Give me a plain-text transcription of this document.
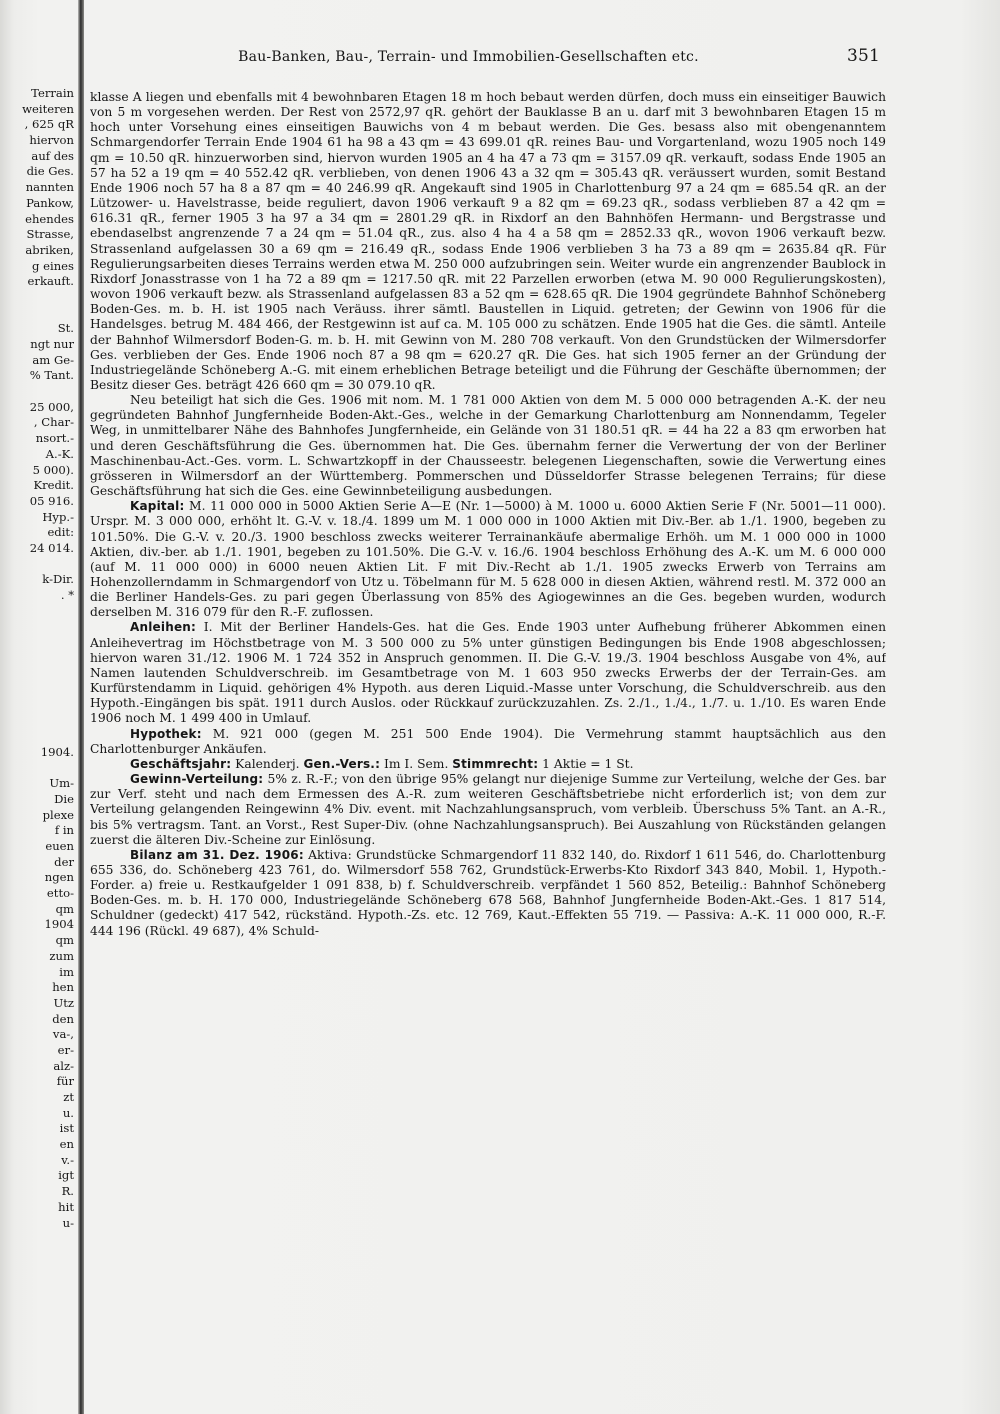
Terrain
weiteren
, 625 qR
hiervon
auf des
die Ges.
nannten
Pankow,
ehendes
Strasse,
abriken,
g eines
erkauft.
St.
ngt nur
am Ge-
% Tant.
25 000,
, Char-
nsort.-
A.-K.
5 000).
Kredit.
05 916.
Hyp.-
edit:
24 014.
k-Dir.
. *
1904.
Um-
Die
plexe
f in
euen
der
ngen
etto-
qm
1904
qm
zum
im
hen
Utz
den
va-,
er-
alz-
für
zt
u.
ist
en
v.-
igt
R.
hit
u-
Bau-Banken, Bau-, Terrain- und Immobilien-Gesellschaften etc.	351

klasse A liegen und ebenfalls mit 4 bewohnbaren Etagen 18 m hoch bebaut werden dürfen, doch muss ein einseitiger Bauwich von 5 m vorgesehen werden. Der Rest von 2572,97 qR. gehört der Bauklasse B an u. darf mit 3 bewohnbaren Etagen 15 m hoch unter Vorsehung eines einseitigen Bauwichs von 4 m bebaut werden. Die Ges. besass also mit obengenanntem Schmargendorfer Terrain Ende 1904 61 ha 98 a 43 qm = 43 699.01 qR. reines Bau- und Vorgartenland, wozu 1905 noch 149 qm = 10.50 qR. hinzuerworben sind, hiervon wurden 1905 an 4 ha 47 a 73 qm = 3157.09 qR. verkauft, sodass Ende 1905 an 57 ha 52 a 19 qm = 40 552.42 qR. verblieben, von denen 1906 43 a 32 qm = 305.43 qR. veräussert wurden, somit Bestand Ende 1906 noch 57 ha 8 a 87 qm = 40 246.99 qR. Angekauft sind 1905 in Charlottenburg 97 a 24 qm = 685.54 qR. an der Lützower- u. Havelstrasse, beide reguliert, davon 1906 verkauft 9 a 82 qm = 69.23 qR., sodass verblieben 87 a 42 qm = 616.31 qR., ferner 1905 3 ha 97 a 34 qm = 2801.29 qR. in Rixdorf an den Bahnhöfen Hermann- und Bergstrasse und ebendaselbst angrenzende 7 a 24 qm = 51.04 qR., zus. also 4 ha 4 a 58 qm = 2852.33 qR., wovon 1906 verkauft bezw. Strassenland aufgelassen 30 a 69 qm = 216.49 qR., sodass Ende 1906 verblieben 3 ha 73 a 89 qm = 2635.84 qR. Für Regulierungsarbeiten dieses Terrains werden etwa M. 250 000 aufzubringen sein. Weiter wurde ein angrenzender Baublock in Rixdorf Jonasstrasse von 1 ha 72 a 89 qm = 1217.50 qR. mit 22 Parzellen erworben (etwa M. 90 000 Regulierungskosten), wovon 1906 verkauft bezw. als Strassenland aufgelassen 83 a 52 qm = 628.65 qR. Die 1904 gegründete Bahnhof Schöneberg Boden-Ges. m. b. H. ist 1905 nach Veräuss. ihrer sämtl. Baustellen in Liquid. getreten; der Gewinn von 1906 für die Handelsges. betrug M. 484 466, der Restgewinn ist auf ca. M. 105 000 zu schätzen. Ende 1905 hat die Ges. die sämtl. Anteile der Bahnhof Wilmersdorf Boden-G. m. b. H. mit Gewinn von M. 280 708 verkauft. Von den Grundstücken der Wilmersdorfer Ges. verblieben der Ges. Ende 1906 noch 87 a 98 qm = 620.27 qR. Die Ges. hat sich 1905 ferner an der Gründung der Industriegelände Schöneberg A.-G. mit einem erheblichen Betrage beteiligt und die Führung der Geschäfte übernommen; der Besitz dieser Ges. beträgt 426 660 qm = 30 079.10 qR.

Neu beteiligt hat sich die Ges. 1906 mit nom. M. 1 781 000 Aktien von dem M. 5 000 000 betragenden A.-K. der neu gegründeten Bahnhof Jungfernheide Boden-Akt.-Ges., welche in der Gemarkung Charlottenburg am Nonnendamm, Tegeler Weg, in unmittelbarer Nähe des Bahnhofes Jungfernheide, ein Gelände von 31 180.51 qR. = 44 ha 22 a 83 qm erworben hat und deren Geschäftsführung die Ges. übernommen hat. Die Ges. übernahm ferner die Verwertung der von der Berliner Maschinenbau-Act.-Ges. vorm. L. Schwartzkopff in der Chausseestr. belegenen Liegenschaften, sowie die Verwertung eines grösseren in Wilmersdorf an der Württemberg. Pommerschen und Düsseldorfer Strasse belegenen Terrains; für diese Geschäftsführung hat sich die Ges. eine Gewinnbeteiligung ausbedungen.

Kapital: M. 11 000 000 in 5000 Aktien Serie A—E (Nr. 1—5000) à M. 1000 u. 6000 Aktien Serie F (Nr. 5001—11 000). Urspr. M. 3 000 000, erhöht lt. G.-V. v. 18./4. 1899 um M. 1 000 000 in 1000 Aktien mit Div.-Ber. ab 1./1. 1900, begeben zu 101.50%. Die G.-V. v. 20./3. 1900 beschloss zwecks weiterer Terrainankäufe abermalige Erhöh. um M. 1 000 000 in 1000 Aktien, div.-ber. ab 1./1. 1901, begeben zu 101.50%. Die G.-V. v. 16./6. 1904 beschloss Erhöhung des A.-K. um M. 6 000 000 (auf M. 11 000 000) in 6000 neuen Aktien Lit. F mit Div.-Recht ab 1./1. 1905 zwecks Erwerb von Terrains am Hohenzollerndamm in Schmargendorf von Utz u. Töbelmann für M. 5 628 000 in diesen Aktien, während restl. M. 372 000 an die Berliner Handels-Ges. zu pari gegen Überlassung von 85% des Agiogewinnes an die Ges. begeben wurden, wodurch derselben M. 316 079 für den R.-F. zuflossen.

Anleihen: I. Mit der Berliner Handels-Ges. hat die Ges. Ende 1903 unter Aufhebung früherer Abkommen einen Anleihevertrag im Höchstbetrage von M. 3 500 000 zu 5% unter günstigen Bedingungen bis Ende 1908 abgeschlossen; hiervon waren 31./12. 1906 M. 1 724 352 in Anspruch genommen. II. Die G.-V. 19./3. 1904 beschloss Ausgabe von 4%, auf Namen lautenden Schuldverschreib. im Gesamtbetrage von M. 1 603 950 zwecks Erwerbs der der Terrain-Ges. am Kurfürstendamm in Liquid. gehörigen 4% Hypoth. aus deren Liquid.-Masse unter Vorschung, die Schuldverschreib. aus den Hypoth.-Eingängen bis spät. 1911 durch Auslos. oder Rückkauf zurückzuzahlen. Zs. 2./1., 1./4., 1./7. u. 1./10. Es waren Ende 1906 noch M. 1 499 400 in Umlauf.

Hypothek: M. 921 000 (gegen M. 251 500 Ende 1904). Die Vermehrung stammt hauptsächlich aus den Charlottenburger Ankäufen.

Geschäftsjahr: Kalenderj. Gen.-Vers.: Im I. Sem. Stimmrecht: 1 Aktie = 1 St.

Gewinn-Verteilung: 5% z. R.-F.; von den übrige 95% gelangt nur diejenige Summe zur Verteilung, welche der Ges. bar zur Verf. steht und nach dem Ermessen des A.-R. zum weiteren Geschäftsbetriebe nicht erforderlich ist; von dem zur Verteilung gelangenden Reingewinn 4% Div. event. mit Nachzahlungsanspruch, vom verbleib. Überschuss 5% Tant. an A.-R., bis 5% vertragsm. Tant. an Vorst., Rest Super-Div. (ohne Nachzahlungsanspruch). Bei Auszahlung von Rückständen gelangen zuerst die älteren Div.-Scheine zur Einlösung.

Bilanz am 31. Dez. 1906: Aktiva: Grundstücke Schmargendorf 11 832 140, do. Rixdorf 1 611 546, do. Charlottenburg 655 336, do. Schöneberg 423 761, do. Wilmersdorf 558 762, Grundstück-Erwerbs-Kto Rixdorf 343 840, Mobil. 1, Hypoth.-Forder. a) freie u. Restkaufgelder 1 091 838, b) f. Schuldverschreib. verpfändet 1 560 852, Beteilig.: Bahnhof Schöneberg Boden-Ges. m. b. H. 170 000, Industriegelände Schöneberg 678 568, Bahnhof Jungfernheide Boden-Akt.-Ges. 1 817 514, Schuldner (gedeckt) 417 542, rückständ. Hypoth.-Zs. etc. 12 769, Kaut.-Effekten 55 719. — Passiva: A.-K. 11 000 000, R.-F. 444 196 (Rückl. 49 687), 4% Schuld-
